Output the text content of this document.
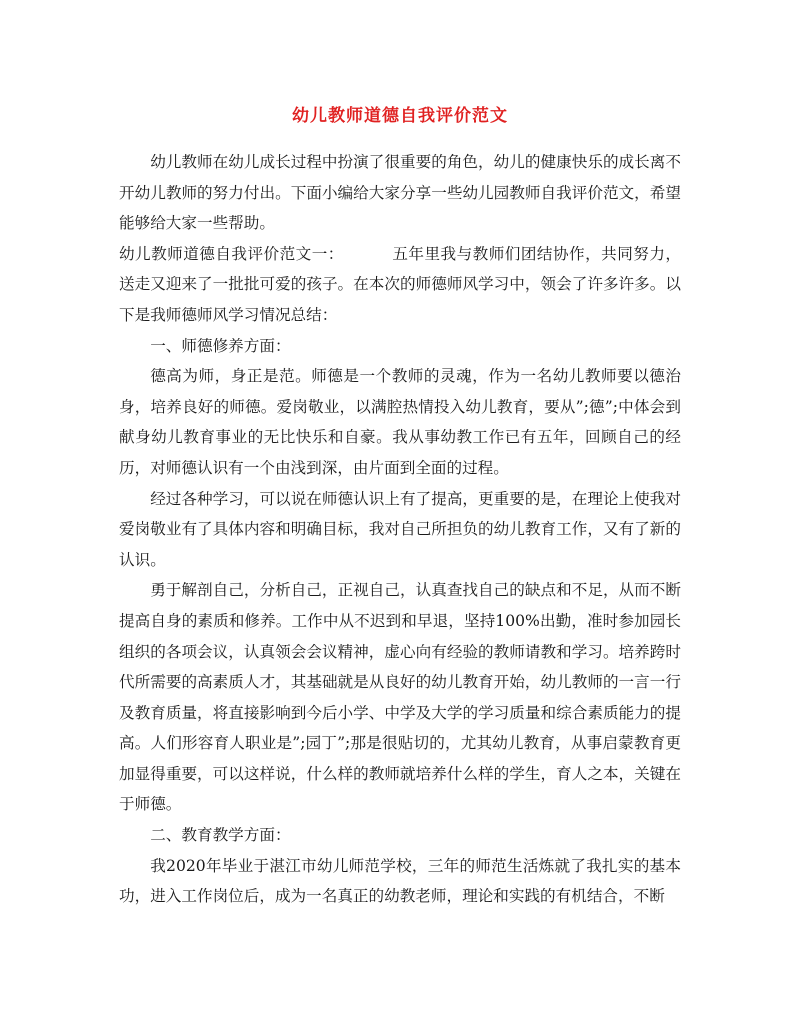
幼儿教师道德自我评价范文

幼儿教师在幼儿成长过程中扮演了很重要的角色，幼儿的健康快乐的成长离不开幼儿教师的努力付出。下面小编给大家分享一些幼儿园教师自我评价范文，希望能够给大家一些帮助。

幼儿教师道德自我评价范文一：	五年里我与教师们团结协作，共同努力，送走又迎来了一批批可爱的孩子。在本次的师德师风学习中，领会了许多许多。以下是我师德师风学习情况总结：

一、师德修养方面：

德高为师，身正是范。师德是一个教师的灵魂，作为一名幼儿教师要以德治身，培养良好的师德。爱岗敬业，以满腔热情投入幼儿教育，要从”;德”;中体会到献身幼儿教育事业的无比快乐和自豪。我从事幼教工作已有五年，回顾自己的经历，对师德认识有一个由浅到深，由片面到全面的过程。

经过各种学习，可以说在师德认识上有了提高，更重要的是，在理论上使我对爱岗敬业有了具体内容和明确目标，我对自己所担负的幼儿教育工作，又有了新的认识。

勇于解剖自己，分析自己，正视自己，认真查找自己的缺点和不足，从而不断提高自身的素质和修养。工作中从不迟到和早退，坚持100%出勤，准时参加园长组织的各项会议，认真领会会议精神，虚心向有经验的教师请教和学习。培养跨时代所需要的高素质人才，其基础就是从良好的幼儿教育开始，幼儿教师的一言一行及教育质量，将直接影响到今后小学、中学及大学的学习质量和综合素质能力的提高。人们形容育人职业是”;园丁”;那是很贴切的，尤其幼儿教育，从事启蒙教育更加显得重要，可以这样说，什么样的教师就培养什么样的学生，育人之本，关键在于师德。

二、教育教学方面：

我2020年毕业于湛江市幼儿师范学校，三年的师范生活炼就了我扎实的基本功，进入工作岗位后，成为一名真正的幼教老师，理论和实践的有机结合，不断
